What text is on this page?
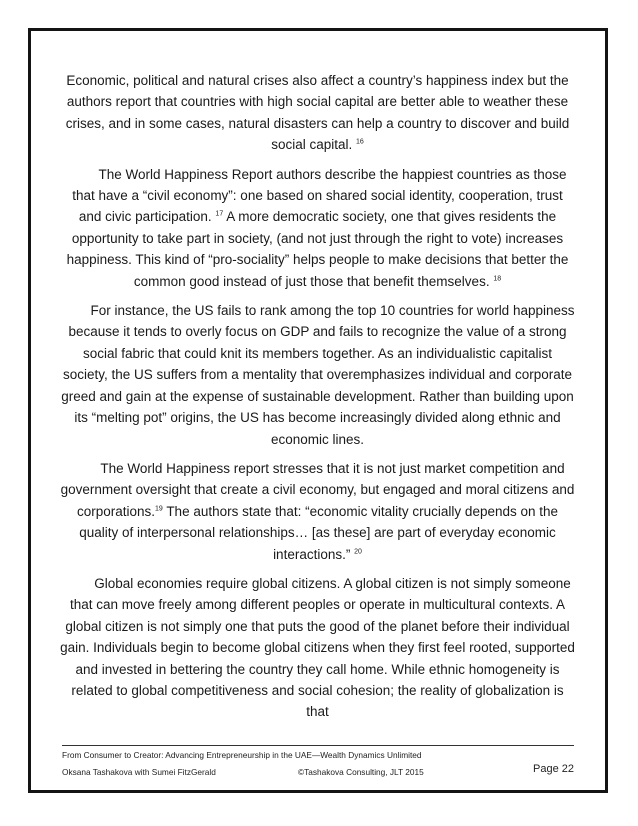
Economic, political and natural crises also affect a country’s happiness index but the authors report that countries with high social capital are better able to weather these crises, and in some cases, natural disasters can help a country to discover and build social capital. $^{16}$

The World Happiness Report authors describe the happiest countries as those that have a “civil economy”: one based on shared social identity, cooperation, trust and civic participation. $^{17}$ A more democratic society, one that gives residents the opportunity to take part in society, (and not just through the right to vote) increases happiness. This kind of “pro-sociality” helps people to make decisions that better the common good instead of just those that benefit themselves. $^{18}$

For instance, the US fails to rank among the top 10 countries for world happiness because it tends to overly focus on GDP and fails to recognize the value of a strong social fabric that could knit its members together. As an individualistic capitalist society, the US suffers from a mentality that overemphasizes individual and corporate greed and gain at the expense of sustainable development. Rather than building upon its “melting pot” origins, the US has become increasingly divided along ethnic and economic lines.

The World Happiness report stresses that it is not just market competition and government oversight that create a civil economy, but engaged and moral citizens and corporations.$^{19}$ The authors state that: “economic vitality crucially depends on the quality of interpersonal relationships… [as these] are part of everyday economic interactions.” $^{20}$

Global economies require global citizens. A global citizen is not simply someone that can move freely among different peoples or operate in multicultural contexts. A global citizen is not simply one that puts the good of the planet before their individual gain. Individuals begin to become global citizens when they first feel rooted, supported and invested in bettering the country they call home. While ethnic homogeneity is related to global competitiveness and social cohesion; the reality of globalization is that

From Consumer to Creator: Advancing Entrepreneurship in the UAE—Wealth Dynamics Unlimited
Oksana Tashakova with Sumei FitzGerald	©Tashakova Consulting, JLT 2015	Page 22
